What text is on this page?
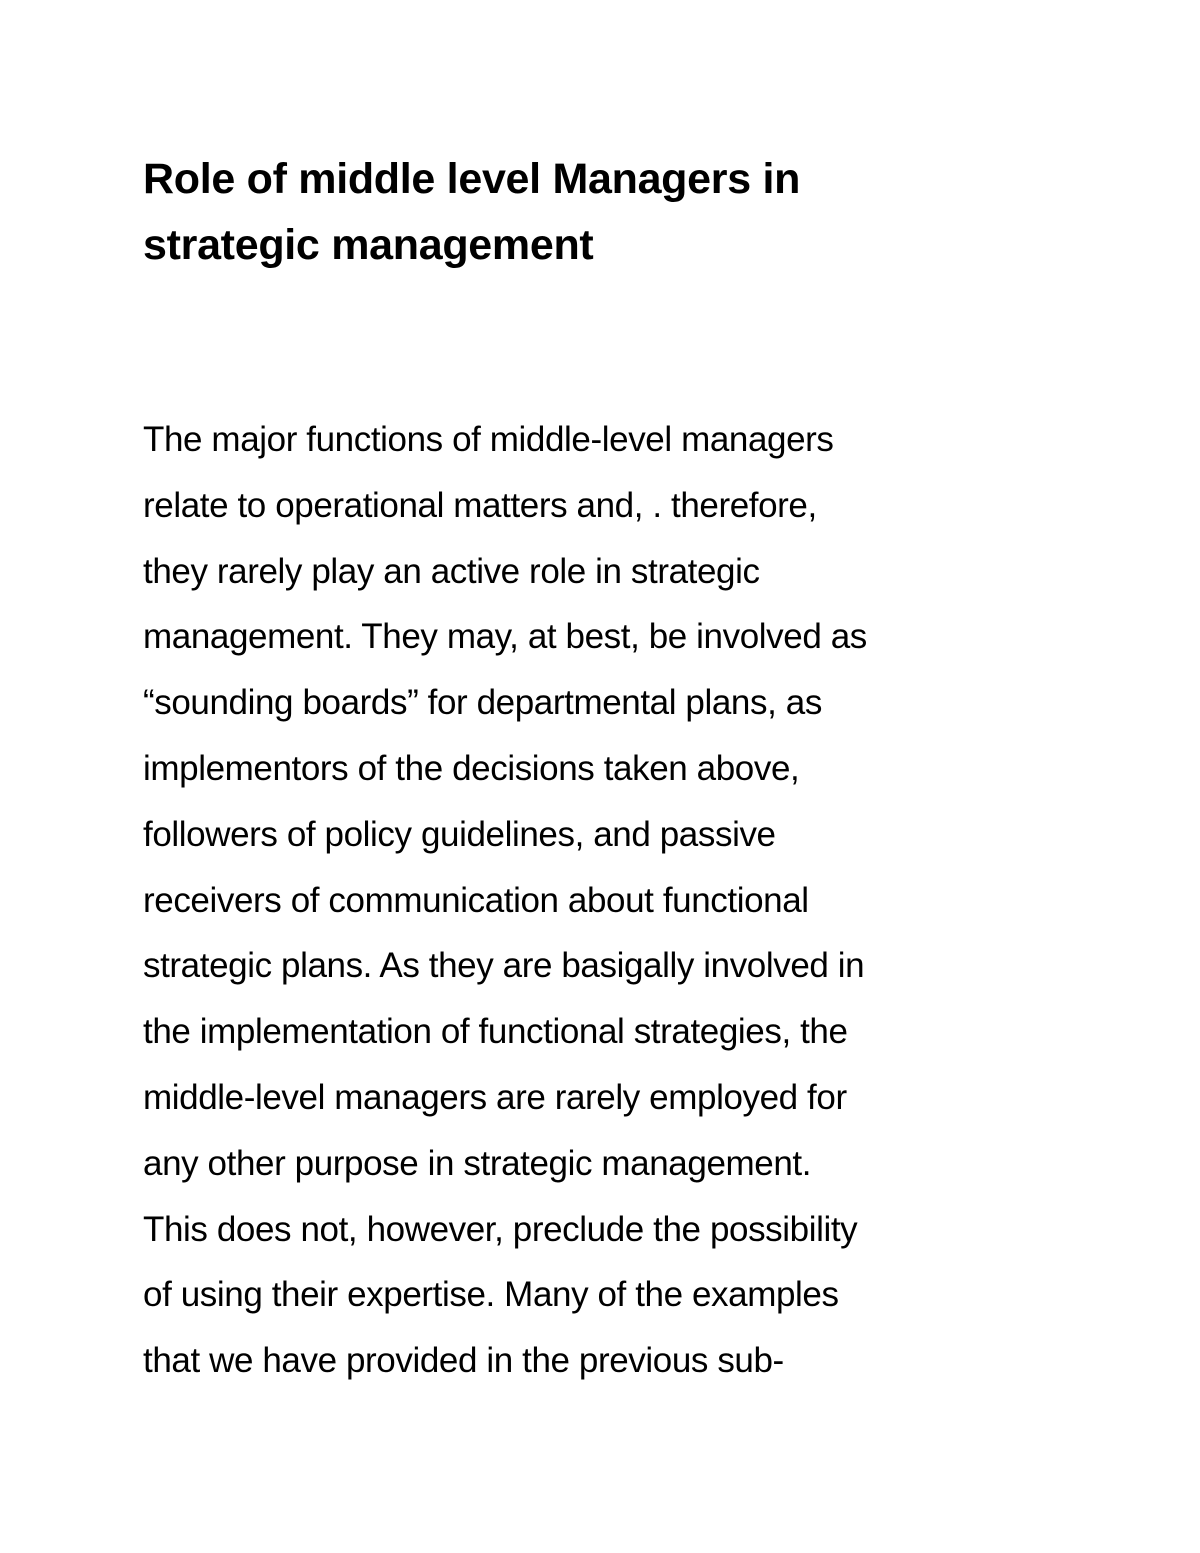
Role of middle level Managers in
strategic management
The major functions of middle-level managers
relate to operational matters and, . therefore,
they rarely play an active role in strategic
management. They may, at best, be involved as
“sounding boards” for departmental plans, as
implementors of the decisions taken above,
followers of policy guidelines, and passive
receivers of communication about functional
strategic plans. As they are basigally involved in
the implementation of functional strategies, the
middle-level managers are rarely employed for
any other purpose in strategic management.
This does not, however, preclude the possibility
of using their expertise. Many of the examples
that we have provided in the previous sub-
